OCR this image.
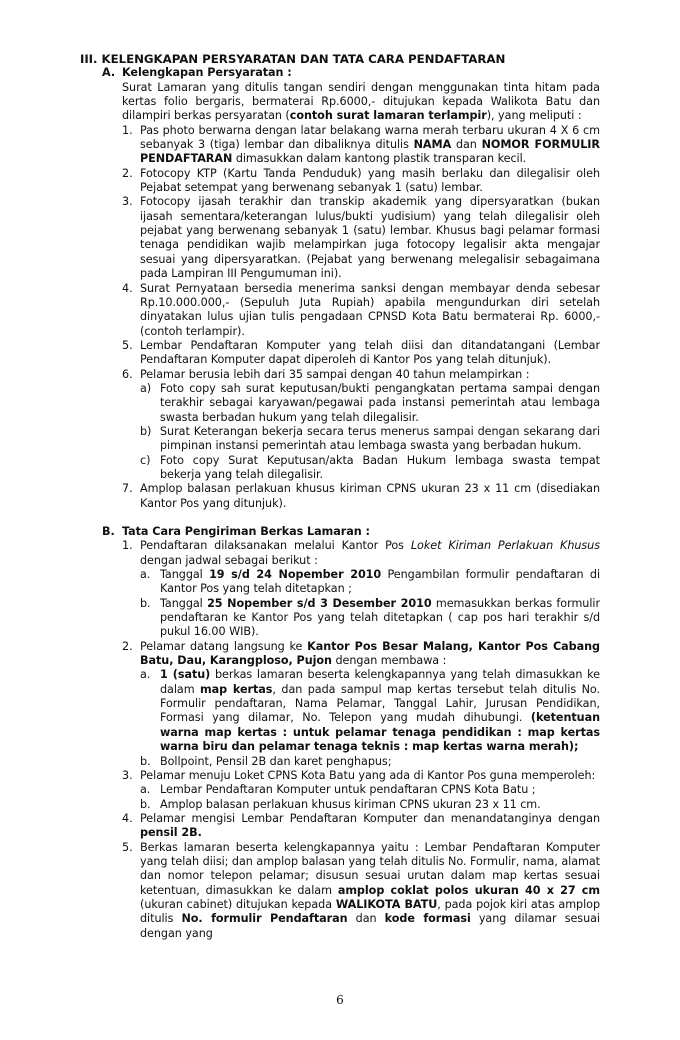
III. KELENGKAPAN PERSYARATAN DAN TATA CARA PENDAFTARAN

A. Kelengkapan Persyaratan :

Surat Lamaran yang ditulis tangan sendiri dengan menggunakan tinta hitam pada kertas folio bergaris, bermaterai Rp.6000,- ditujukan kepada Walikota Batu dan dilampiri berkas persyaratan (contoh surat lamaran terlampir), yang meliputi :

1. Pas photo berwarna dengan latar belakang warna merah terbaru ukuran 4 X 6 cm sebanyak 3 (tiga) lembar dan dibaliknya ditulis NAMA dan NOMOR FORMULIR PENDAFTARAN dimasukkan dalam kantong plastik transparan kecil.
2. Fotocopy KTP (Kartu Tanda Penduduk) yang masih berlaku dan dilegalisir oleh Pejabat setempat yang berwenang sebanyak 1 (satu) lembar.
3. Fotocopy ijasah terakhir dan transkip akademik yang dipersyaratkan (bukan ijasah sementara/keterangan lulus/bukti yudisium) yang telah dilegalisir oleh pejabat yang berwenang sebanyak 1 (satu) lembar. Khusus bagi pelamar formasi tenaga pendidikan wajib melampirkan juga fotocopy legalisir akta mengajar sesuai yang dipersyaratkan. (Pejabat yang berwenang melegalisir sebagaimana pada Lampiran III Pengumuman ini).
4. Surat Pernyataan bersedia menerima sanksi dengan membayar denda sebesar Rp.10.000.000,- (Sepuluh Juta Rupiah) apabila mengundurkan diri setelah dinyatakan lulus ujian tulis pengadaan CPNSD Kota Batu bermaterai Rp. 6000,- (contoh terlampir).
5. Lembar Pendaftaran Komputer yang telah diisi dan ditandatangani (Lembar Pendaftaran Komputer dapat diperoleh di Kantor Pos yang telah ditunjuk).
6. Pelamar berusia lebih dari 35 sampai dengan 40 tahun melampirkan :
a) Foto copy sah surat keputusan/bukti pengangkatan pertama sampai dengan terakhir sebagai karyawan/pegawai pada instansi pemerintah atau lembaga swasta berbadan hukum yang telah dilegalisir.
b) Surat Keterangan bekerja secara terus menerus sampai dengan sekarang dari pimpinan instansi pemerintah atau lembaga swasta yang berbadan hukum.
c) Foto copy Surat Keputusan/akta Badan Hukum lembaga swasta tempat bekerja yang telah dilegalisir.
7. Amplop balasan perlakuan khusus kiriman CPNS ukuran 23 x 11 cm (disediakan Kantor Pos yang ditunjuk).
B. Tata Cara Pengiriman Berkas Lamaran :
1. Pendaftaran dilaksanakan melalui Kantor Pos Loket Kiriman Perlakuan Khusus dengan jadwal sebagai berikut :
a. Tanggal 19 s/d 24 Nopember 2010 Pengambilan formulir pendaftaran di Kantor Pos yang telah ditetapkan ;
b. Tanggal 25 Nopember s/d 3 Desember 2010 memasukkan berkas formulir pendaftaran ke Kantor Pos yang telah ditetapkan ( cap pos hari terakhir s/d pukul 16.00 WIB).
2. Pelamar datang langsung ke Kantor Pos Besar Malang, Kantor Pos Cabang Batu, Dau, Karangploso, Pujon dengan membawa :
a. 1 (satu) berkas lamaran beserta kelengkapannya yang telah dimasukkan ke dalam map kertas, dan pada sampul map kertas tersebut telah ditulis No. Formulir pendaftaran, Nama Pelamar, Tanggal Lahir, Jurusan Pendidikan, Formasi yang dilamar, No. Telepon yang mudah dihubungi. (ketentuan warna map kertas : untuk pelamar tenaga pendidikan : map kertas warna biru dan pelamar tenaga teknis : map kertas warna merah);
b. Bollpoint, Pensil 2B dan karet penghapus;
3. Pelamar menuju Loket CPNS Kota Batu yang ada di Kantor Pos guna memperoleh:
a. Lembar Pendaftaran Komputer untuk pendaftaran CPNS Kota Batu ;
b. Amplop balasan perlakuan khusus kiriman CPNS ukuran 23 x 11 cm.
4. Pelamar mengisi Lembar Pendaftaran Komputer dan menandatanginya dengan pensil 2B.
5. Berkas lamaran beserta kelengkapannya yaitu : Lembar Pendaftaran Komputer yang telah diisi; dan amplop balasan yang telah ditulis No. Formulir, nama, alamat dan nomor telepon pelamar; disusun sesuai urutan dalam map kertas sesuai ketentuan, dimasukkan ke dalam amplop coklat polos ukuran 40 x 27 cm (ukuran cabinet) ditujukan kepada WALIKOTA BATU, pada pojok kiri atas amplop ditulis No. formulir Pendaftaran dan kode formasi yang dilamar sesuai dengan yang
6
